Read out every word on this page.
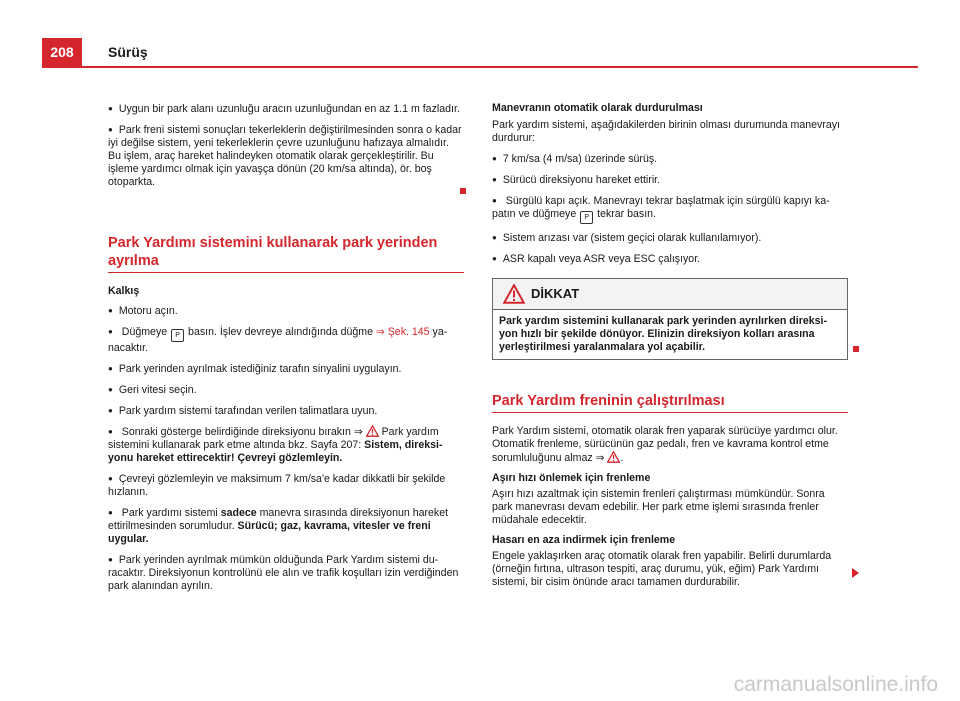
208	Sürüş

● Uygun bir park alanı uzunluğu aracın uzunluğundan en az 1.1 m fazladır.

● Park freni sistemi sonuçları tekerleklerin değiştirilmesinden sonra o kadar iyi değilse sistem, yeni tekerleklerin çevre uzunluğunu hafızaya almalıdır. Bu işlem, araç hareket halindeyken otomatik olarak gerçekleştirilir. Bu işleme yardımcı olmak için yavaşça dönün (20 km/sa altında), ör. boş otoparkta.

Park Yardımı sistemini kullanarak park yerinden ayrılma

Kalkış

● Motoru açın.

● Düğmeye P basın. İşlev devreye alındığında düğme ⇒ Şek. 145 yanacaktır.

● Park yerinden ayrılmak istediğiniz tarafın sinyalini uygulayın.

● Geri vitesi seçin.

● Park yardım sistemi tarafından verilen talimatlara uyun.

● Sonraki gösterge belirdiğinde direksiyonu bırakın ⇒ Park yardım sistemini kullanarak park etme altında bkz. Sayfa 207: Sistem, direksiyonu hareket ettirecektir! Çevreyi gözlemleyin.

● Çevreyi gözlemleyin ve maksimum 7 km/sa'e kadar dikkatli bir şekilde hızlanın.

● Park yardımı sistemi sadece manevra sırasında direksiyonun hareket ettirilmesinden sorumludur. Sürücü; gaz, kavrama, vitesler ve freni uygular.

● Park yerinden ayrılmak mümkün olduğunda Park Yardım sistemi duracaktır. Direksiyonun kontrolünü ele alın ve trafik koşulları izin verdiğinden park alanından ayrılın.

Manevranın otomatik olarak durdurulması

Park yardım sistemi, aşağıdakilerden birinin olması durumunda manevrayı durdurur:

● 7 km/sa (4 m/sa) üzerinde sürüş.

● Sürücü direksiyonu hareket ettirir.

● Sürgülü kapı açık. Manevrayı tekrar başlatmak için sürgülü kapıyı kapatın ve düğmeye P tekrar basın.

● Sistem arızası var (sistem geçici olarak kullanılamıyor).

● ASR kapalı veya ASR veya ESC çalışıyor.

DİKKAT
Park yardım sistemini kullanarak park yerinden ayrılırken direksiyon hızlı bir şekilde dönüyor. Elinizin direksiyon kolları arasına yerleştirilmesi yaralanmalara yol açabilir.
Park Yardım freninin çalıştırılması

Park Yardım sistemi, otomatik olarak fren yaparak sürücüye yardımcı olur. Otomatik frenleme, sürücünün gaz pedalı, fren ve kavrama kontrol etme sorumluluğunu almaz ⇒ .

Aşırı hızı önlemek için frenleme

Aşırı hızı azaltmak için sistemin frenleri çalıştırması mümkündür. Sonra park manevrası devam edebilir. Her park etme işlemi sırasında frenler müdahale edecektir.

Hasarı en aza indirmek için frenleme

Engele yaklaşırken araç otomatik olarak fren yapabilir. Belirli durumlarda (örneğin fırtına, ultrason tespiti, araç durumu, yük, eğim) Park Yardımı sistemi, bir cisim önünde aracı tamamen durdurabilir.

carmanualsonline.info
